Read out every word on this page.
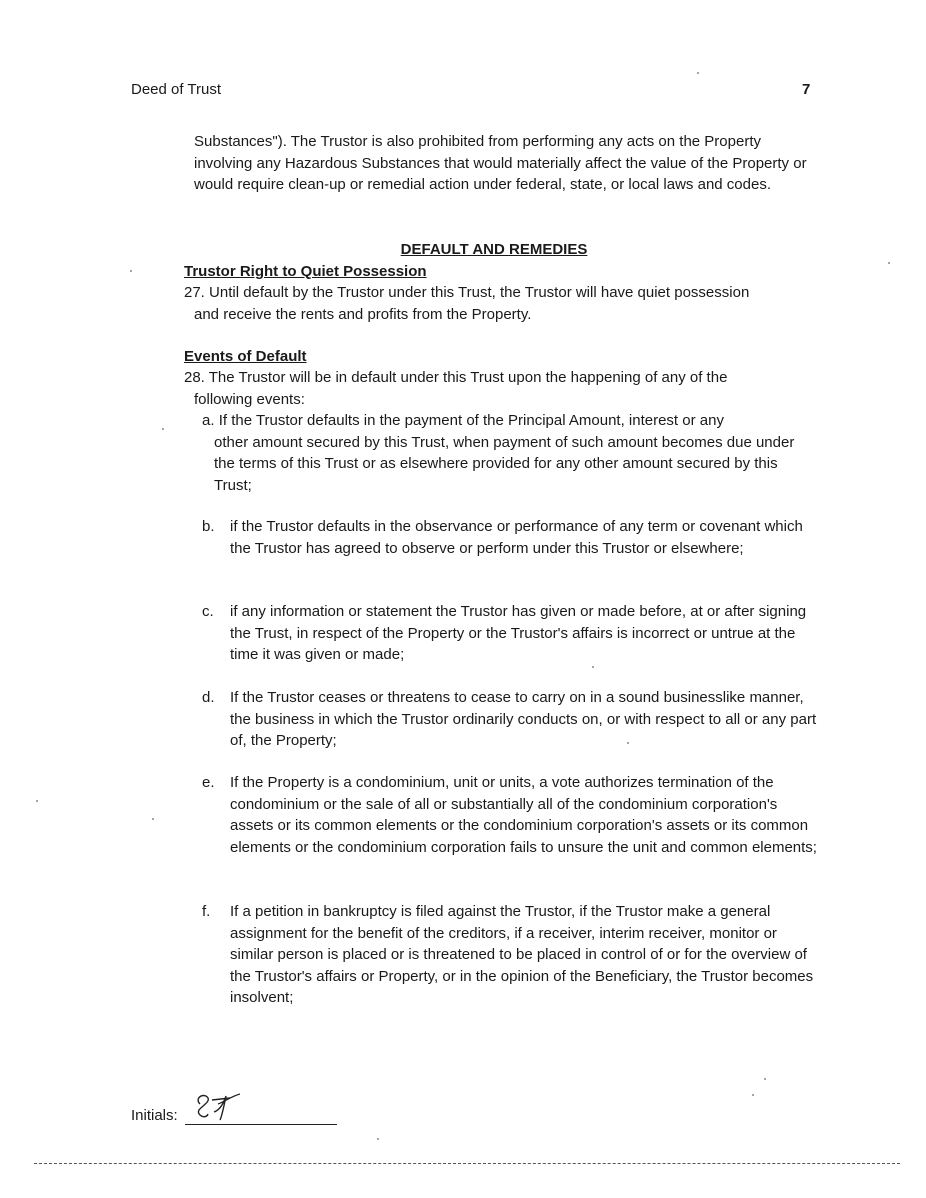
Deed of Trust	7
Substances"). The Trustor is also prohibited from performing any acts on the Property involving any Hazardous Substances that would materially affect the value of the Property or would require clean-up or remedial action under federal, state, or local laws and codes.
DEFAULT AND REMEDIES
Trustor Right to Quiet Possession
27. Until default by the Trustor under this Trust, the Trustor will have quiet possession
and receive the rents and profits from the Property.
Events of Default
28. The Trustor will be in default under this Trust upon the happening of any of the
following events:
a. If the Trustor defaults in the payment of the Principal Amount, interest or any
other amount secured by this Trust, when payment of such amount becomes due under the terms of this Trust or as elsewhere provided for any other amount secured by this Trust;
b.	if the Trustor defaults in the observance or performance of any term or covenant which the Trustor has agreed to observe or perform under this Trustor or elsewhere;
c.	if any information or statement the Trustor has given or made before, at or after signing the Trust, in respect of the Property or the Trustor's affairs is incorrect or untrue at the time it was given or made;
d.	If the Trustor ceases or threatens to cease to carry on in a sound businesslike manner, the business in which the Trustor ordinarily conducts on, or with respect to all or any part of, the Property;
e.	If the Property is a condominium, unit or units, a vote authorizes termination of the condominium or the sale of all or substantially all of the condominium corporation's assets or its common elements or the condominium corporation's assets or its common elements or the condominium corporation fails to unsure the unit and common elements;
f.	If a petition in bankruptcy is filed against the Trustor, if the Trustor make a general assignment for the benefit of the creditors, if a receiver, interim receiver, monitor or similar person is placed or is threatened to be placed in control of or for the overview of the Trustor's affairs or Property, or in the opinion of the Beneficiary, the Trustor becomes insolvent;
Initials:
